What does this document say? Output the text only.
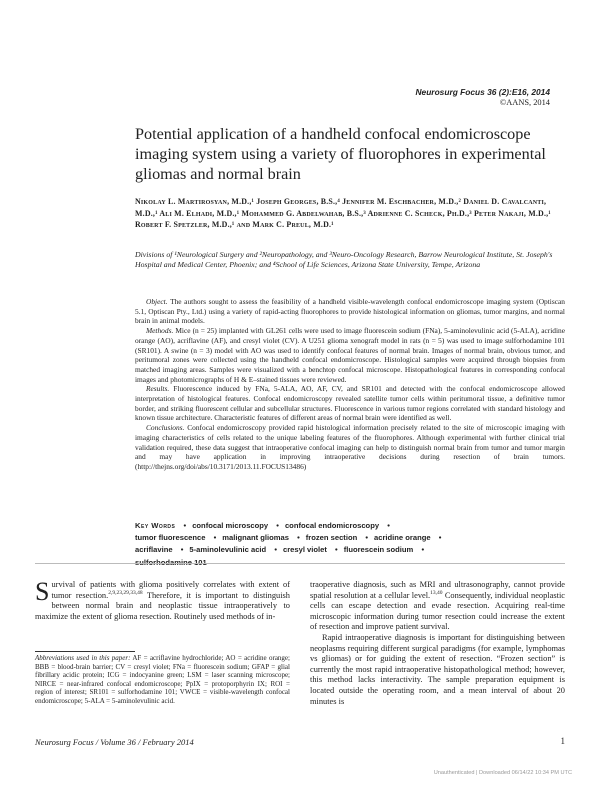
Neurosurg Focus 36 (2):E16, 2014
©AANS, 2014
Potential application of a handheld confocal endomicroscope imaging system using a variety of fluorophores in experimental gliomas and normal brain
Nikolay L. Martirosyan, M.D.,¹ Joseph Georges, B.S.,⁴ Jennifer M. Eschbacher, M.D.,² Daniel D. Cavalcanti, M.D.,¹ Ali M. Elhadi, M.D.,¹ Mohammed G. Abdelwahab, B.S.,³ Adrienne C. Scheck, Ph.D.,³ Peter Nakaji, M.D.,¹ Robert F. Spetzler, M.D.,¹ and Mark C. Preul, M.D.¹
Divisions of ¹Neurological Surgery and ²Neuropathology, and ³Neuro-Oncology Research, Barrow Neurological Institute, St. Joseph's Hospital and Medical Center, Phoenix; and ⁴School of Life Sciences, Arizona State University, Tempe, Arizona

Object. The authors sought to assess the feasibility of a handheld visible-wavelength confocal endomicroscope imaging system (Optiscan 5.1, Optiscan Pty., Ltd.) using a variety of rapid-acting fluorophores to provide histological information on gliomas, tumor margins, and normal brain in animal models.

Methods. Mice (n = 25) implanted with GL261 cells were used to image fluorescein sodium (FNa), 5-aminolevulinic acid (5-ALA), acridine orange (AO), acriflavine (AF), and cresyl violet (CV). A U251 glioma xenograft model in rats (n = 5) was used to image sulforhodamine 101 (SR101). A swine (n = 3) model with AO was used to identify confocal features of normal brain. Images of normal brain, obvious tumor, and peritumoral zones were collected using the handheld confocal endomicroscope. Histological samples were acquired through biopsies from matched imaging areas. Samples were visualized with a benchtop confocal microscope. Histopathological features in corresponding confocal images and photomicrographs of H & E–stained tissues were reviewed.

Results. Fluorescence induced by FNa, 5-ALA, AO, AF, CV, and SR101 and detected with the confocal endomicroscope allowed interpretation of histological features. Confocal endomicroscopy revealed satellite tumor cells within peritumoral tissue, a definitive tumor border, and striking fluorescent cellular and subcellular structures. Fluorescence in various tumor regions correlated with standard histology and known tissue architecture. Characteristic features of different areas of normal brain were identified as well.

Conclusions. Confocal endomicroscopy provided rapid histological information precisely related to the site of microscopic imaging with imaging characteristics of cells related to the unique labeling features of the fluorophores. Although experimental with further clinical trial validation required, these data suggest that intraoperative confocal imaging can help to distinguish normal brain from tumor and tumor margin and may have application in improving intraoperative decisions during resection of brain tumors. (http://thejns.org/doi/abs/10.3171/2013.11.FOCUS13486)

Key Words • confocal microscopy • confocal endomicroscopy •
tumor fluorescence • malignant gliomas • frozen section • acridine orange •
acriflavine • 5-aminolevulinic acid • cresyl violet • fluorescein sodium •

Survival of patients with glioma positively correlates with extent of tumor resection.$^{2,9,23,29,33,48}$ Therefore, it is important to distinguish between normal brain and neoplastic tissue intraoperatively to maximize the extent of glioma resection. Routinely used methods of in-
Abbreviations used in this paper: AF = acriflavine hydrochloride; AO = acridine orange; BBB = blood-brain barrier; CV = cresyl violet; FNa = fluorescein sodium; GFAP = glial fibrillary acidic protein; ICG = indocyanine green; LSM = laser scanning microscope; NIRCE = near-infrared confocal endomicroscope; PpIX = protoporphyrin IX; ROI = region of interest; SR101 = sulforhodamine 101; VWCE = visible-wavelength confocal endomicroscope; 5-ALA = 5-aminolevulinic acid.

traoperative diagnosis, such as MRI and ultrasonography, cannot provide spatial resolution at a cellular level.$^{13,40}$ Consequently, individual neoplastic cells can escape detection and evade resection. Acquiring real-time microscopic information during tumor resection could increase the extent of resection and improve patient survival.

Rapid intraoperative diagnosis is important for distinguishing between neoplasms requiring different surgical paradigms (for example, lymphomas vs gliomas) or for guiding the extent of resection. “Frozen section” is currently the most rapid intraoperative histopathological method; however, this method lacks interactivity. The sample preparation equipment is located outside the operating room, and a mean interval of about 20 minutes is

Neurosurg Focus / Volume 36 / February 2014	1
Unauthenticated | Downloaded 06/14/22 10:34 PM UTC
